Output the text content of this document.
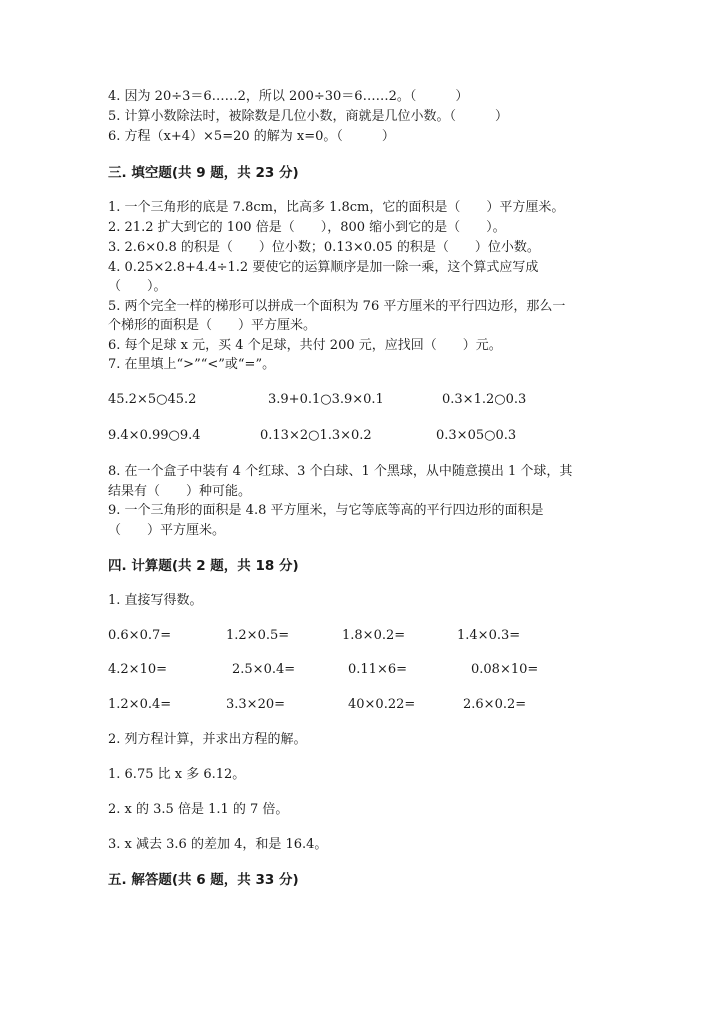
4. 因为 20÷3＝6……2，所以 200÷30＝6……2。（　　　）
5. 计算小数除法时，被除数是几位小数，商就是几位小数。（　　　）
6. 方程（x+4）×5=20 的解为 x=0。（　　　）
三. 填空题(共 9 题，共 23 分)
1. 一个三角形的底是 7.8cm，比高多 1.8cm，它的面积是（　　）平方厘米。
2. 21.2 扩大到它的 100 倍是（　　），800 缩小到它的是（　　）。
3. 2.6×0.8 的积是（　　）位小数；0.13×0.05 的积是（　　）位小数。
4. 0.25×2.8+4.4÷1.2 要使它的运算顺序是加一除一乘，这个算式应写成
（　　）。
5. 两个完全一样的梯形可以拼成一个面积为 76 平方厘米的平行四边形，那么一
个梯形的面积是（　　）平方厘米。
6. 每个足球 x 元，买 4 个足球，共付 200 元，应找回（　　）元。
7. 在里填上“>”“<”或“=”。
45.2×5○45.2	3.9+0.1○3.9×0.1	0.3×1.2○0.3
9.4×0.99○9.4	0.13×2○1.3×0.2	0.3×05○0.3
8. 在一个盒子中装有 4 个红球、3 个白球、1 个黑球，从中随意摸出 1 个球，其
结果有（　　）种可能。
9. 一个三角形的面积是 4.8 平方厘米，与它等底等高的平行四边形的面积是
（　　）平方厘米。
四. 计算题(共 2 题，共 18 分)
1. 直接写得数。
0.6×0.7=	1.2×0.5=	1.8×0.2=	1.4×0.3=
4.2×10=	2.5×0.4=	0.11×6=	0.08×10=
1.2×0.4=	3.3×20=	40×0.22=	2.6×0.2=
2. 列方程计算，并求出方程的解。
1. 6.75 比 x 多 6.12。
2. x 的 3.5 倍是 1.1 的 7 倍。
3. x 减去 3.6 的差加 4，和是 16.4。
五. 解答题(共 6 题，共 33 分)
